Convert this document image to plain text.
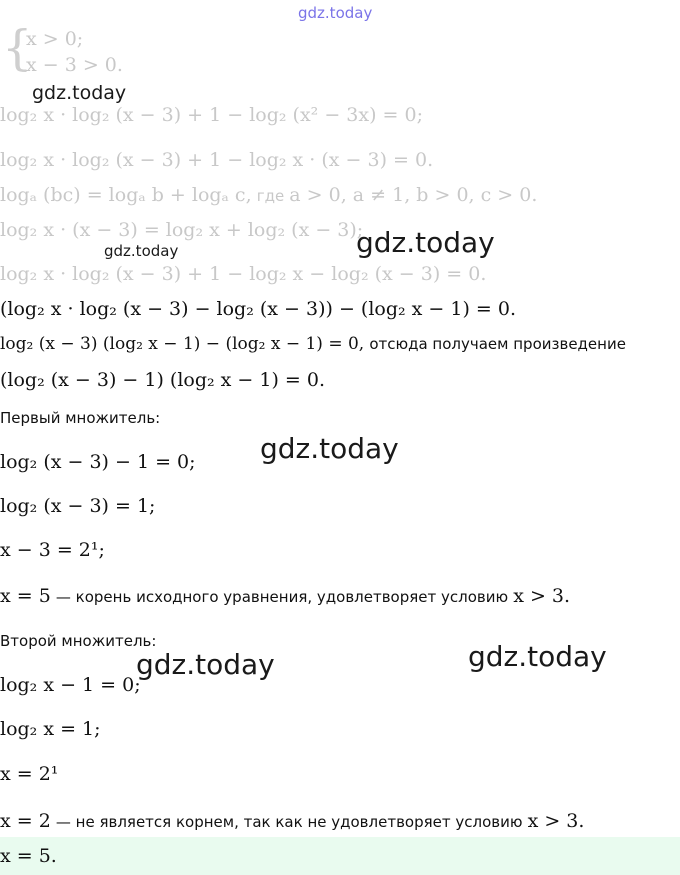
gdz.today
{
x > 0;
x − 3 > 0.
gdz.today
log₂ x · log₂ (x − 3) + 1 − log₂ (x² − 3x) = 0;
log₂ x · log₂ (x − 3) + 1 − log₂ x · (x − 3) = 0.
logₐ (bc) = logₐ b + logₐ c, где a > 0, a ≠ 1, b > 0, c > 0.
log₂ x · (x − 3) = log₂ x + log₂ (x − 3);
gdz.today	gdz.today
log₂ x · log₂ (x − 3) + 1 − log₂ x − log₂ (x − 3) = 0.
(log₂ x · log₂ (x − 3) − log₂ (x − 3)) − (log₂ x − 1) = 0.
log₂ (x − 3) (log₂ x − 1) − (log₂ x − 1) = 0, отсюда получаем произведение
(log₂ (x − 3) − 1) (log₂ x − 1) = 0.
Первый множитель:
log₂ (x − 3) − 1 = 0; gdz.today
log₂ (x − 3) = 1;
x − 3 = 2¹;
x = 5 — корень исходного уравнения, удовлетворяет условию x > 3.
Второй множитель:
gdz.today	gdz.today
log₂ x − 1 = 0;
log₂ x = 1;
x = 2¹
x = 2 — не является корнем, так как не удовлетворяет условию x > 3.
x = 5.
